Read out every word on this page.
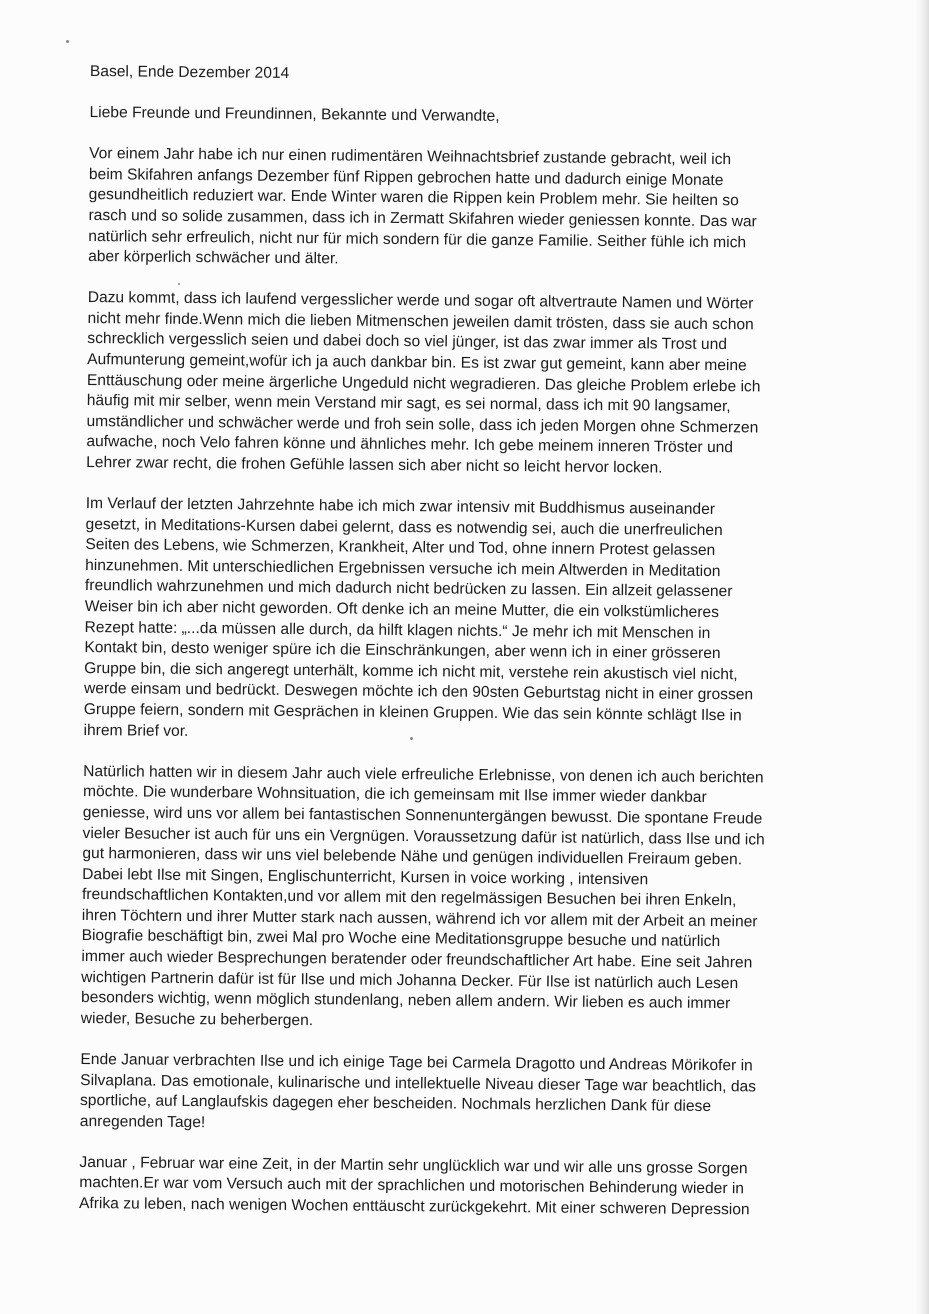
Basel, Ende Dezember 2014

Liebe Freunde und Freundinnen, Bekannte und Verwandte,

Vor einem Jahr habe ich nur einen rudimentären Weihnachtsbrief zustande gebracht, weil ich
beim Skifahren anfangs Dezember fünf Rippen gebrochen hatte und dadurch einige Monate
gesundheitlich reduziert war. Ende Winter waren die Rippen kein Problem mehr. Sie heilten so
rasch und so solide zusammen, dass ich in Zermatt Skifahren wieder geniessen konnte. Das war
natürlich sehr erfreulich, nicht nur für mich sondern für die ganze Familie. Seither fühle ich mich
aber körperlich schwächer und älter.

Dazu kommt, dass ich laufend vergesslicher werde und sogar oft altvertraute Namen und Wörter
nicht mehr finde.Wenn mich die lieben Mitmenschen jeweilen damit trösten, dass sie auch schon
schrecklich vergesslich seien und dabei doch so viel jünger, ist das zwar immer als Trost und
Aufmunterung gemeint,wofür ich ja auch dankbar bin. Es ist zwar gut gemeint, kann aber meine
Enttäuschung oder meine ärgerliche Ungeduld nicht wegradieren. Das gleiche Problem erlebe ich
häufig mit mir selber, wenn mein Verstand mir sagt, es sei normal, dass ich mit 90 langsamer,
umständlicher und schwächer werde und froh sein solle, dass ich jeden Morgen ohne Schmerzen
aufwache, noch Velo fahren könne und ähnliches mehr. Ich gebe meinem inneren Tröster und
Lehrer zwar recht, die frohen Gefühle lassen sich aber nicht so leicht hervor locken.

Im Verlauf der letzten Jahrzehnte habe ich mich zwar intensiv mit Buddhismus auseinander
gesetzt, in Meditations-Kursen dabei gelernt, dass es notwendig sei, auch die unerfreulichen
Seiten des Lebens, wie Schmerzen, Krankheit, Alter und Tod, ohne innern Protest gelassen
hinzunehmen. Mit unterschiedlichen Ergebnissen versuche ich mein Altwerden in Meditation
freundlich wahrzunehmen und mich dadurch nicht bedrücken zu lassen. Ein allzeit gelassener
Weiser bin ich aber nicht geworden. Oft denke ich an meine Mutter, die ein volkstümlicheres
Rezept hatte: „...da müssen alle durch, da hilft klagen nichts.“ Je mehr ich mit Menschen in
Kontakt bin, desto weniger spüre ich die Einschränkungen, aber wenn ich in einer grösseren
Gruppe bin, die sich angeregt unterhält, komme ich nicht mit, verstehe rein akustisch viel nicht,
werde einsam und bedrückt. Deswegen möchte ich den 90sten Geburtstag nicht in einer grossen
Gruppe feiern, sondern mit Gesprächen in kleinen Gruppen. Wie das sein könnte schlägt Ilse in
ihrem Brief vor.

Natürlich hatten wir in diesem Jahr auch viele erfreuliche Erlebnisse, von denen ich auch berichten
möchte. Die wunderbare Wohnsituation, die ich gemeinsam mit Ilse immer wieder dankbar
geniesse, wird uns vor allem bei fantastischen Sonnenuntergängen bewusst. Die spontane Freude
vieler Besucher ist auch für uns ein Vergnügen. Voraussetzung dafür ist natürlich, dass Ilse und ich
gut harmonieren, dass wir uns viel belebende Nähe und genügen individuellen Freiraum geben.
Dabei lebt Ilse mit Singen, Englischunterricht, Kursen in voice working , intensiven
freundschaftlichen Kontakten,und vor allem mit den regelmässigen Besuchen bei ihren Enkeln,
ihren Töchtern und ihrer Mutter stark nach aussen, während ich vor allem mit der Arbeit an meiner
Biografie beschäftigt bin, zwei Mal pro Woche eine Meditationsgruppe besuche und natürlich
immer auch wieder Besprechungen beratender oder freundschaftlicher Art habe. Eine seit Jahren
wichtigen Partnerin dafür ist für Ilse und mich Johanna Decker. Für Ilse ist natürlich auch Lesen
besonders wichtig, wenn möglich stundenlang, neben allem andern. Wir lieben es auch immer
wieder, Besuche zu beherbergen.

Ende Januar verbrachten Ilse und ich einige Tage bei Carmela Dragotto und Andreas Mörikofer in
Silvaplana. Das emotionale, kulinarische und intellektuelle Niveau dieser Tage war beachtlich, das
sportliche, auf Langlaufskis dagegen eher bescheiden. Nochmals herzlichen Dank für diese
anregenden Tage!

Januar , Februar war eine Zeit, in der Martin sehr unglücklich war und wir alle uns grosse Sorgen
machten.Er war vom Versuch auch mit der sprachlichen und motorischen Behinderung wieder in
Afrika zu leben, nach wenigen Wochen enttäuscht zurückgekehrt. Mit einer schweren Depression
